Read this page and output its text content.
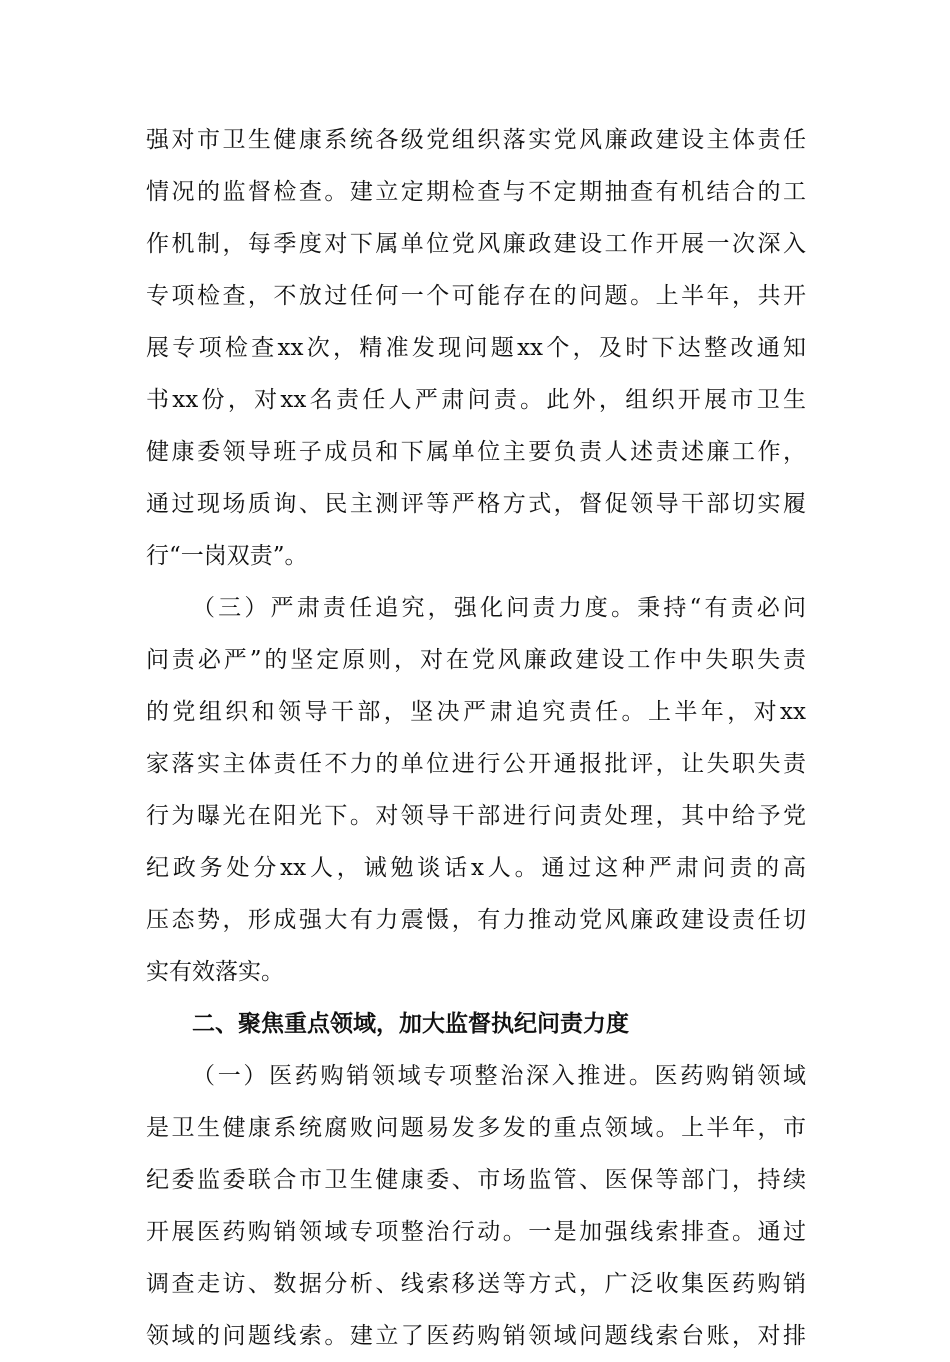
强对市卫生健康系统各级党组织落实党风廉政建设主体责任
情况的监督检查。建立定期检查与不定期抽查有机结合的工
作机制，每季度对下属单位党风廉政建设工作开展一次深入
专项检查，不放过任何一个可能存在的问题。上半年，共开
展专项检查xx次，精准发现问题xx个，及时下达整改通知
书xx份，对xx名责任人严肃问责。此外，组织开展市卫生
健康委领导班子成员和下属单位主要负责人述责述廉工作，
通过现场质询、民主测评等严格方式，督促领导干部切实履
行“一岗双责”。
（三）严肃责任追究，强化问责力度。秉持“有责必问
问责必严”的坚定原则，对在党风廉政建设工作中失职失责
的党组织和领导干部，坚决严肃追究责任。上半年，对xx
家落实主体责任不力的单位进行公开通报批评，让失职失责
行为曝光在阳光下。对领导干部进行问责处理，其中给予党
纪政务处分xx人，诫勉谈话x人。通过这种严肃问责的高
压态势，形成强大有力震慑，有力推动党风廉政建设责任切
实有效落实。
二、聚焦重点领域，加大监督执纪问责力度
（一）医药购销领域专项整治深入推进。医药购销领域
是卫生健康系统腐败问题易发多发的重点领域。上半年，市
纪委监委联合市卫生健康委、市场监管、医保等部门，持续
开展医药购销领域专项整治行动。一是加强线索排查。通过
调查走访、数据分析、线索移送等方式，广泛收集医药购销
领域的问题线索。建立了医药购销领域问题线索台账，对排
